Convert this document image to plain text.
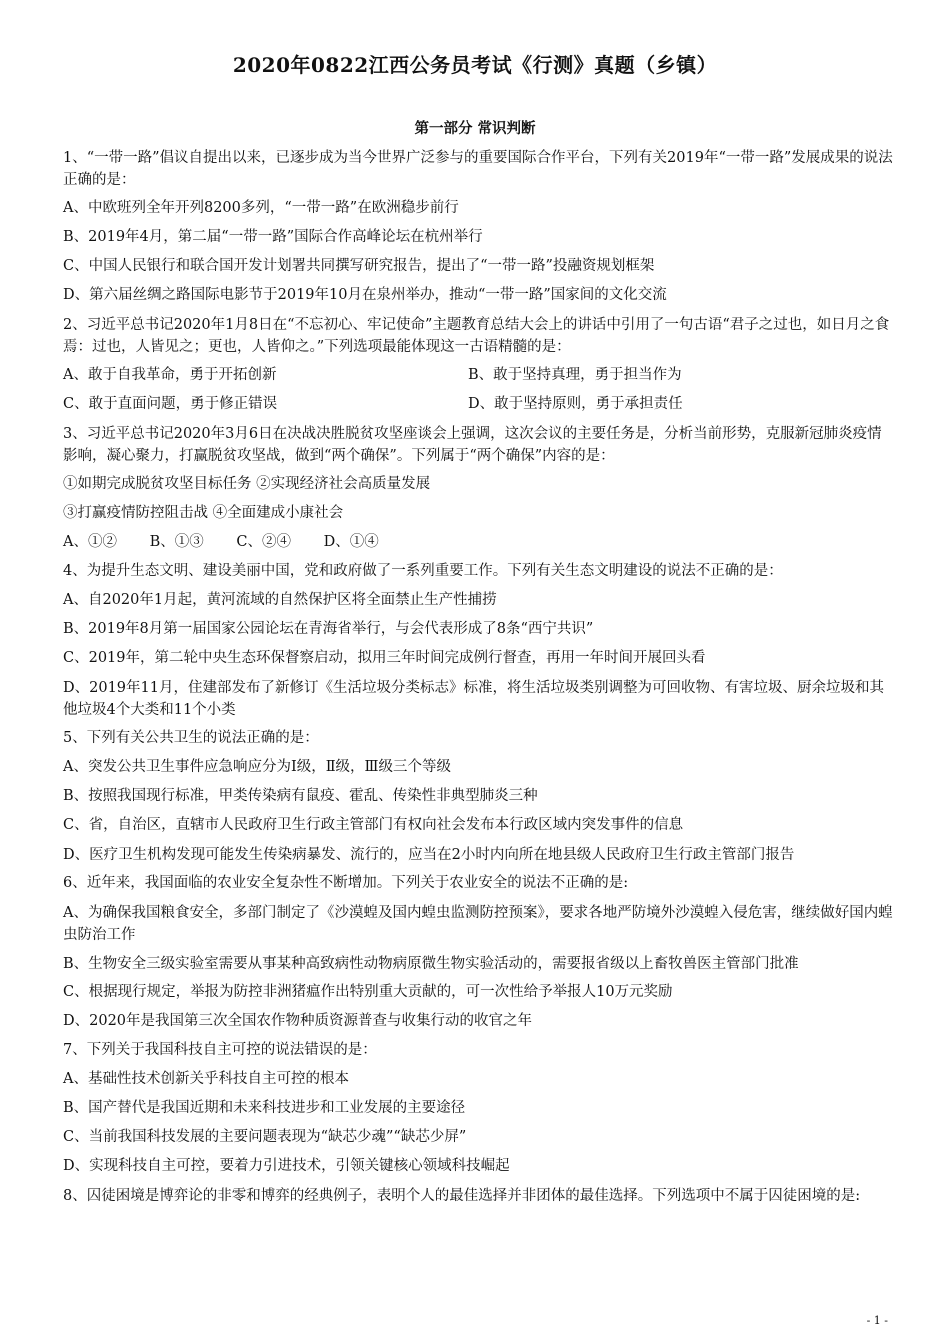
2020年0822江西公务员考试《行测》真题（乡镇）
第一部分 常识判断
1、“一带一路”倡议自提出以来，已逐步成为当今世界广泛参与的重要国际合作平台，下列有关2019年“一带一路”发展成果的说法正确的是：
A、中欧班列全年开列8200多列，“一带一路”在欧洲稳步前行
B、2019年4月，第二届“一带一路”国际合作高峰论坛在杭州举行
C、中国人民银行和联合国开发计划署共同撰写研究报告，提出了“一带一路”投融资规划框架
D、第六届丝绸之路国际电影节于2019年10月在泉州举办，推动“一带一路”国家间的文化交流
2、习近平总书记2020年1月8日在“不忘初心、牢记使命”主题教育总结大会上的讲话中引用了一句古语“君子之过也，如日月之食焉：过也，人皆见之；更也，人皆仰之。”下列选项最能体现这一古语精髓的是：
A、敢于自我革命，勇于开拓创新	B、敢于坚持真理，勇于担当作为
C、敢于直面问题，勇于修正错误	D、敢于坚持原则，勇于承担责任
3、习近平总书记2020年3月6日在决战决胜脱贫攻坚座谈会上强调，这次会议的主要任务是，分析当前形势，克服新冠肺炎疫情影响，凝心聚力，打赢脱贫攻坚战，做到“两个确保”。下列属于“两个确保”内容的是：
①如期完成脱贫攻坚目标任务 ②实现经济社会高质量发展
③打赢疫情防控阻击战 ④全面建成小康社会
A、①② B、①③ C、②④ D、①④
4、为提升生态文明、建设美丽中国，党和政府做了一系列重要工作。下列有关生态文明建设的说法不正确的是：
A、自2020年1月起，黄河流域的自然保护区将全面禁止生产性捕捞
B、2019年8月第一届国家公园论坛在青海省举行，与会代表形成了8条“西宁共识”
C、2019年，第二轮中央生态环保督察启动，拟用三年时间完成例行督查，再用一年时间开展回头看
D、2019年11月，住建部发布了新修订《生活垃圾分类标志》标准，将生活垃圾类别调整为可回收物、有害垃圾、厨余垃圾和其他垃圾4个大类和11个小类
5、下列有关公共卫生的说法正确的是：
A、突发公共卫生事件应急响应分为Ⅰ级，Ⅱ级，Ⅲ级三个等级
B、按照我国现行标准，甲类传染病有鼠疫、霍乱、传染性非典型肺炎三种
C、省，自治区，直辖市人民政府卫生行政主管部门有权向社会发布本行政区域内突发事件的信息
D、医疗卫生机构发现可能发生传染病暴发、流行的，应当在2小时内向所在地县级人民政府卫生行政主管部门报告
6、近年来，我国面临的农业安全复杂性不断增加。下列关于农业安全的说法不正确的是:
A、为确保我国粮食安全，多部门制定了《沙漠蝗及国内蝗虫监测防控预案》，要求各地严防境外沙漠蝗入侵危害，继续做好国内蝗虫防治工作
B、生物安全三级实验室需要从事某种高致病性动物病原微生物实验活动的，需要报省级以上畜牧兽医主管部门批准
C、根据现行规定，举报为防控非洲猪瘟作出特别重大贡献的，可一次性给予举报人10万元奖励
D、2020年是我国第三次全国农作物种质资源普查与收集行动的收官之年
7、下列关于我国科技自主可控的说法错误的是：
A、基础性技术创新关乎科技自主可控的根本
B、国产替代是我国近期和未来科技进步和工业发展的主要途径
C、当前我国科技发展的主要问题表现为“缺芯少魂”“缺芯少屏”
D、实现科技自主可控，要着力引进技术，引领关键核心领域科技崛起
8、囚徒困境是博弈论的非零和博弈的经典例子，表明个人的最佳选择并非团体的最佳选择。下列选项中不属于囚徒困境的是:
- 1 -
